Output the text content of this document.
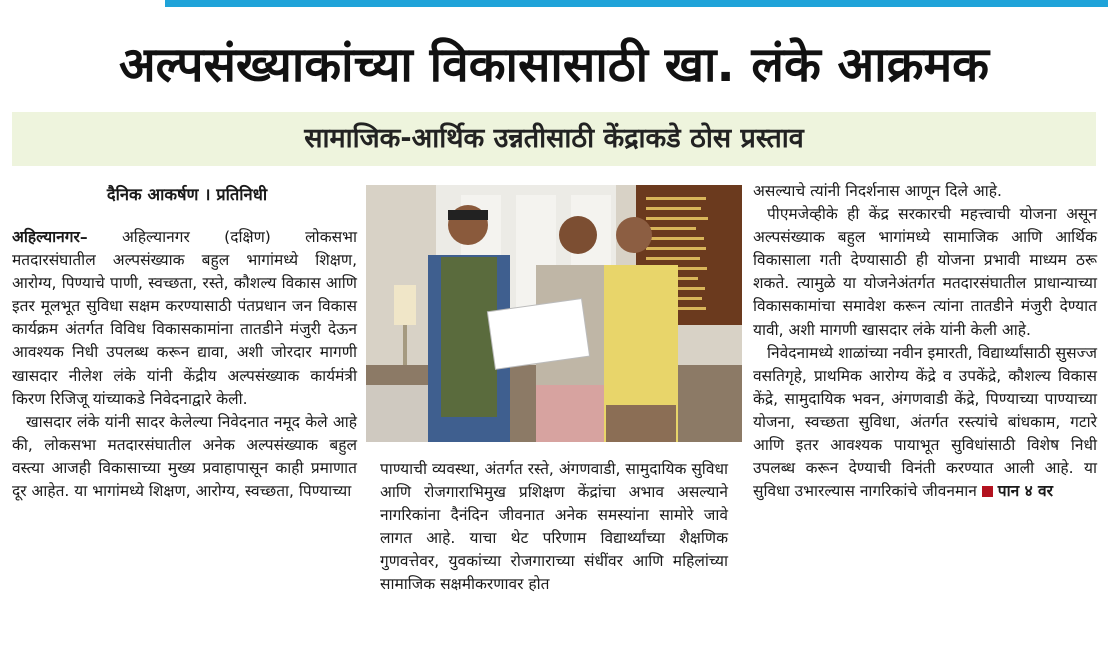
अल्पसंख्याकांच्या विकासासाठी खा. लंके आक्रमक
सामाजिक-आर्थिक उन्नतीसाठी केंद्राकडे ठोस प्रस्ताव
दैनिक आकर्षण । प्रतिनिधी

अहिल्यानगर– अहिल्यानगर (दक्षिण) लोकसभा मतदारसंघातील अल्पसंख्याक बहुल भागांमध्ये शिक्षण, आरोग्य, पिण्याचे पाणी, स्वच्छता, रस्ते, कौशल्य विकास आणि इतर मूलभूत सुविधा सक्षम करण्यासाठी पंतप्रधान जन विकास कार्यक्रम अंतर्गत विविध विकासकामांना तातडीने मंजुरी देऊन आवश्यक निधी उपलब्ध करून द्यावा, अशी जोरदार मागणी खासदार नीलेश लंके यांनी केंद्रीय अल्पसंख्याक कार्यमंत्री किरण रिजिजू यांच्याकडे निवेदनाद्वारे केली.

खासदार लंके यांनी सादर केलेल्या निवेदनात नमूद केले आहे की, लोकसभा मतदारसंघातील अनेक अल्पसंख्याक बहुल वस्त्या आजही विकासाच्या मुख्य प्रवाहापासून काही प्रमाणात दूर आहेत. या भागांमध्ये शिक्षण, आरोग्य, स्वच्छता, पिण्याच्या

पाण्याची व्यवस्था, अंतर्गत रस्ते, अंगणवाडी, सामुदायिक सुविधा आणि रोजगाराभिमुख प्रशिक्षण केंद्रांचा अभाव असल्याने नागरिकांना दैनंदिन जीवनात अनेक समस्यांना सामोरे जावे लागत आहे. याचा थेट परिणाम विद्यार्थ्यांच्या शैक्षणिक गुणवत्तेवर, युवकांच्या रोजगाराच्या संधींवर आणि महिलांच्या सामाजिक सक्षमीकरणावर होत

असल्याचे त्यांनी निदर्शनास आणून दिले आहे.

पीएमजेव्हीके ही केंद्र सरकारची महत्त्वाची योजना असून अल्पसंख्याक बहुल भागांमध्ये सामाजिक आणि आर्थिक विकासाला गती देण्यासाठी ही योजना प्रभावी माध्यम ठरू शकते. त्यामुळे या योजनेअंतर्गत मतदारसंघातील प्राधान्याच्या विकासकामांचा समावेश करून त्यांना तातडीने मंजुरी देण्यात यावी, अशी मागणी खासदार लंके यांनी केली आहे.

निवेदनामध्ये शाळांच्या नवीन इमारती, विद्यार्थ्यांसाठी सुसज्ज वसतिगृहे, प्राथमिक आरोग्य केंद्रे व उपकेंद्रे, कौशल्य विकास केंद्रे, सामुदायिक भवन, अंगणवाडी केंद्रे, पिण्याच्या पाण्याच्या योजना, स्वच्छता सुविधा, अंतर्गत रस्त्यांचे बांधकाम, गटारे आणि इतर आवश्यक पायाभूत सुविधांसाठी विशेष निधी उपलब्ध करून देण्याची विनंती करण्यात आली आहे. या सुविधा उभारल्यास नागरिकांचे जीवनमान पान ४ वर
